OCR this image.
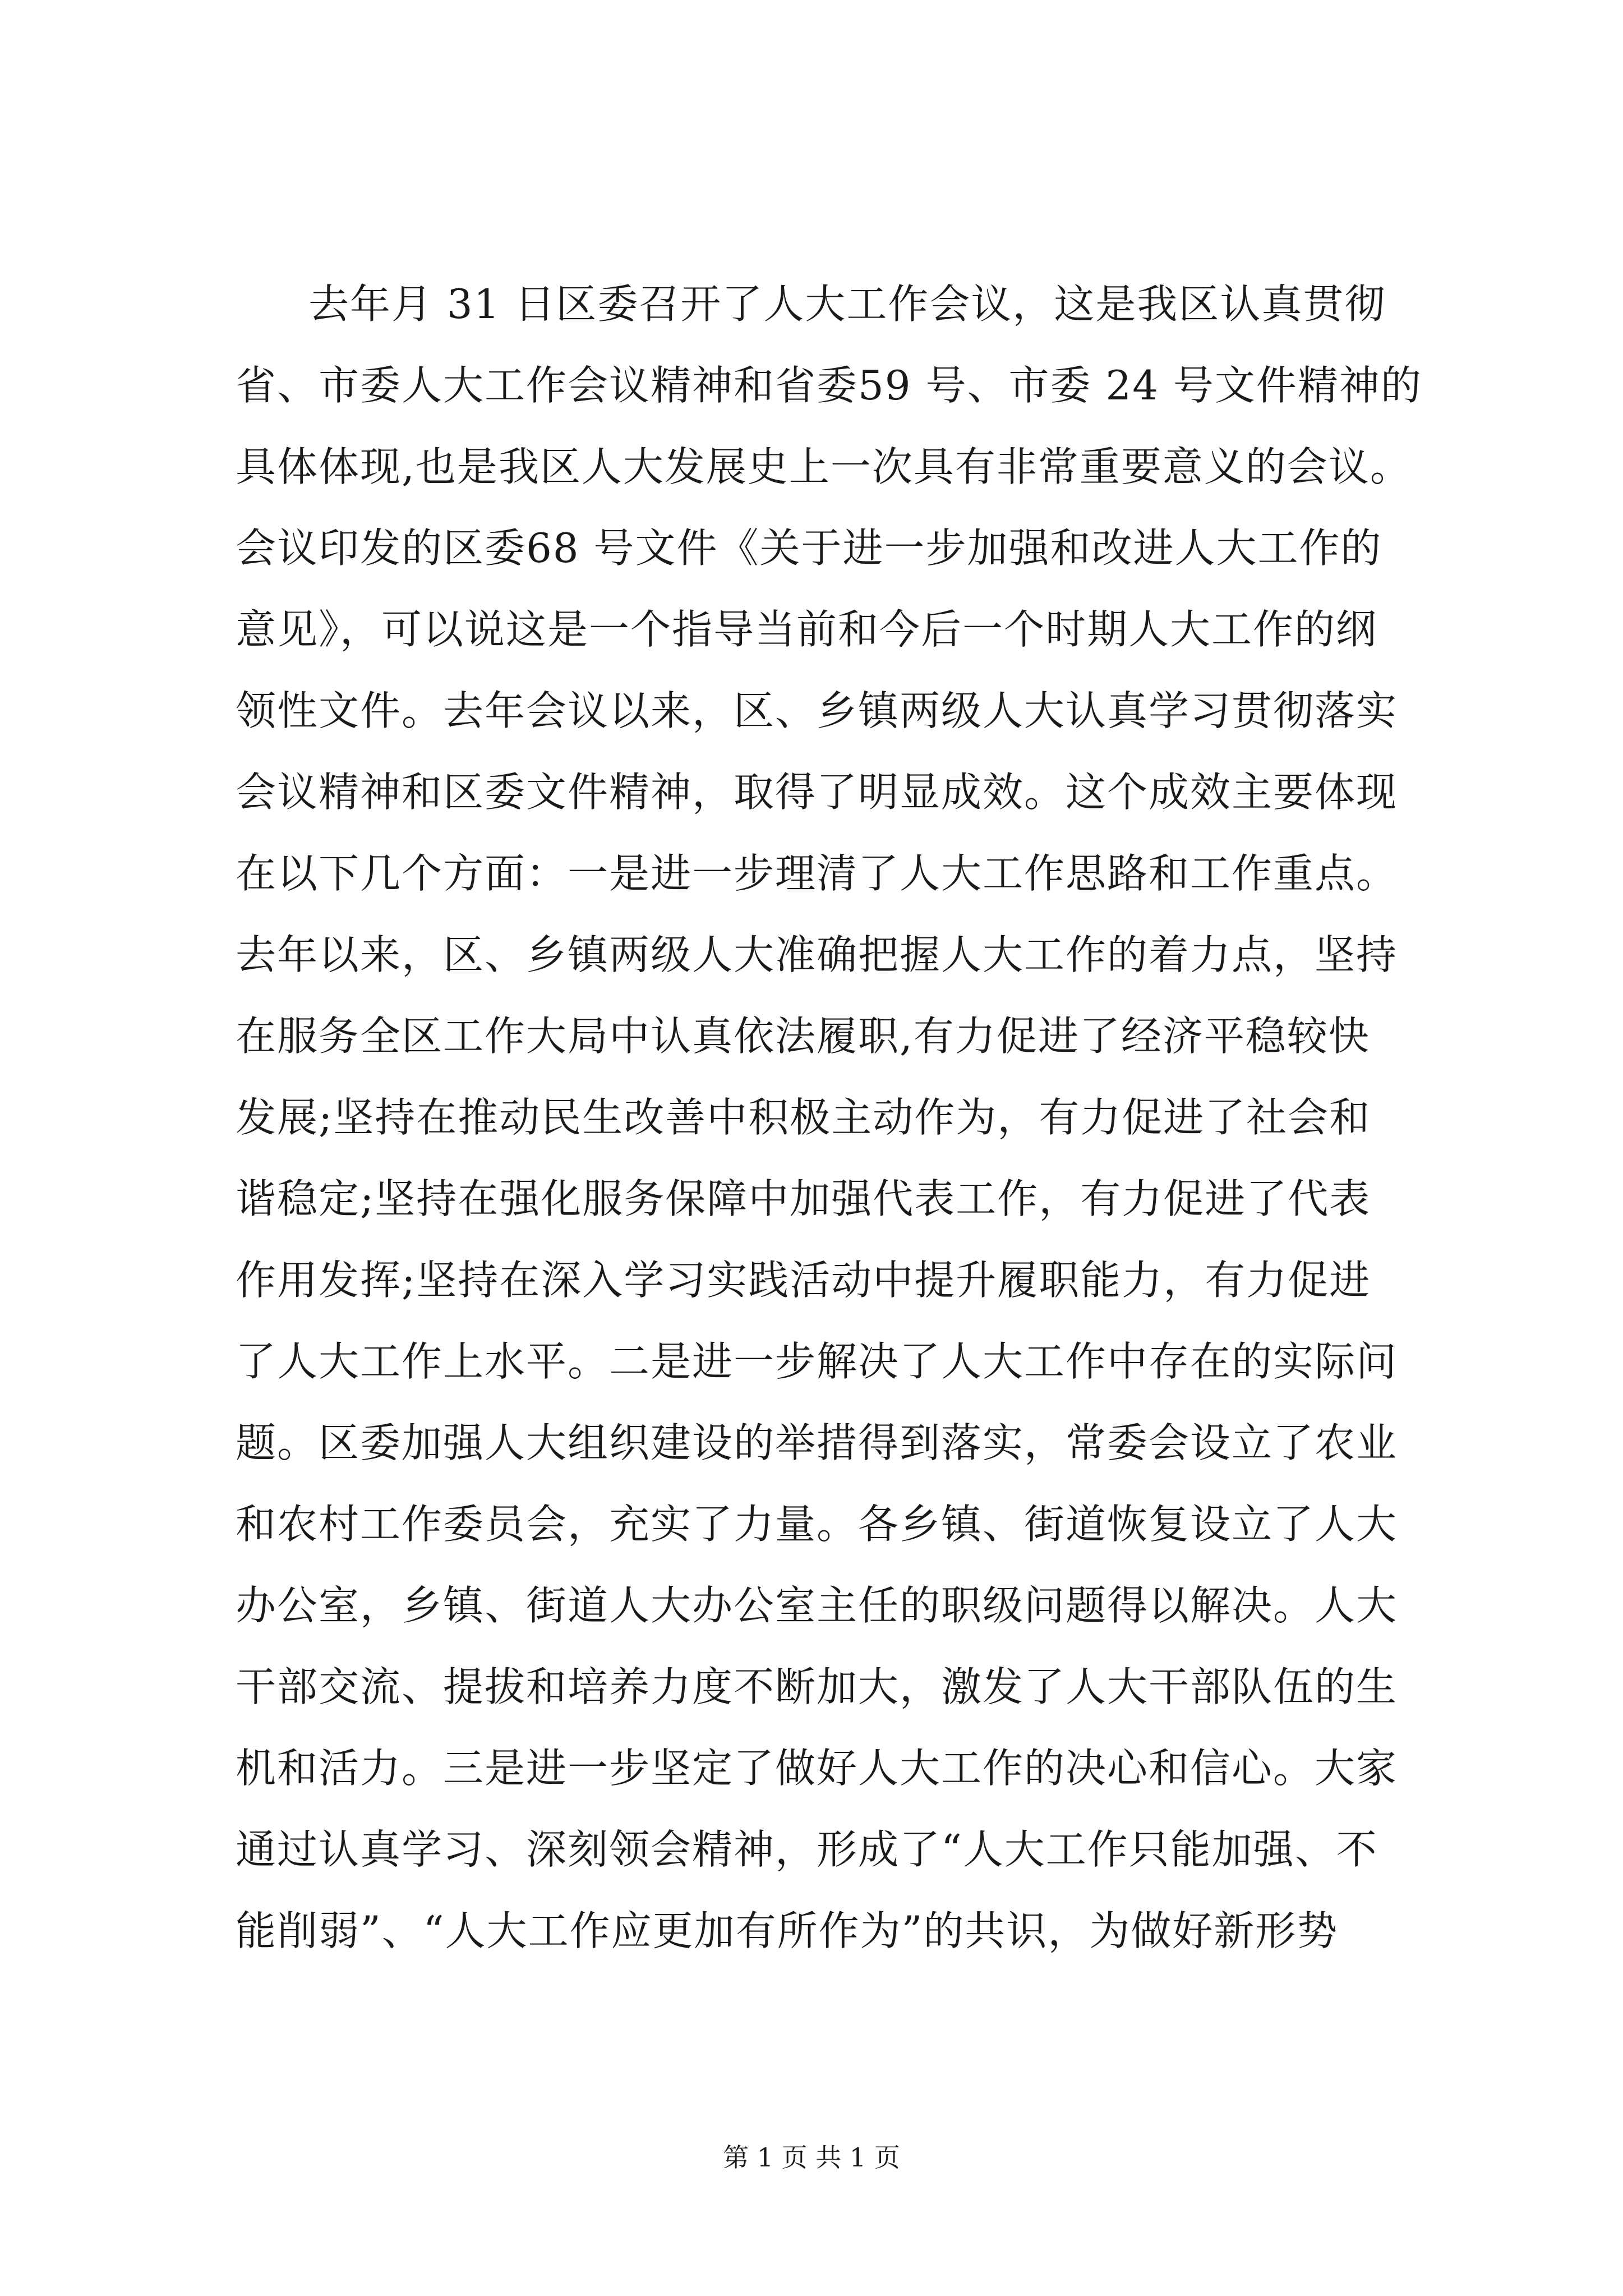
去年月 31 日区委召开了人大工作会议，这是我区认真贯彻
省、市委人大工作会议精神和省委59 号、市委 24 号文件精神的
具体体现,也是我区人大发展史上一次具有非常重要意义的会议。
会议印发的区委68 号文件《关于进一步加强和改进人大工作的
意见》，可以说这是一个指导当前和今后一个时期人大工作的纲
领性文件。去年会议以来，区、乡镇两级人大认真学习贯彻落实
会议精神和区委文件精神，取得了明显成效。这个成效主要体现
在以下几个方面：一是进一步理清了人大工作思路和工作重点。
去年以来，区、乡镇两级人大准确把握人大工作的着力点，坚持
在服务全区工作大局中认真依法履职,有力促进了经济平稳较快
发展;坚持在推动民生改善中积极主动作为，有力促进了社会和
谐稳定;坚持在强化服务保障中加强代表工作，有力促进了代表
作用发挥;坚持在深入学习实践活动中提升履职能力，有力促进
了人大工作上水平。二是进一步解决了人大工作中存在的实际问
题。区委加强人大组织建设的举措得到落实，常委会设立了农业
和农村工作委员会，充实了力量。各乡镇、街道恢复设立了人大
办公室，乡镇、街道人大办公室主任的职级问题得以解决。人大
干部交流、提拔和培养力度不断加大，激发了人大干部队伍的生
机和活力。三是进一步坚定了做好人大工作的决心和信心。大家
通过认真学习、深刻领会精神，形成了“人大工作只能加强、不
能削弱”、“人大工作应更加有所作为”的共识，为做好新形势
第 1 页 共 1 页
